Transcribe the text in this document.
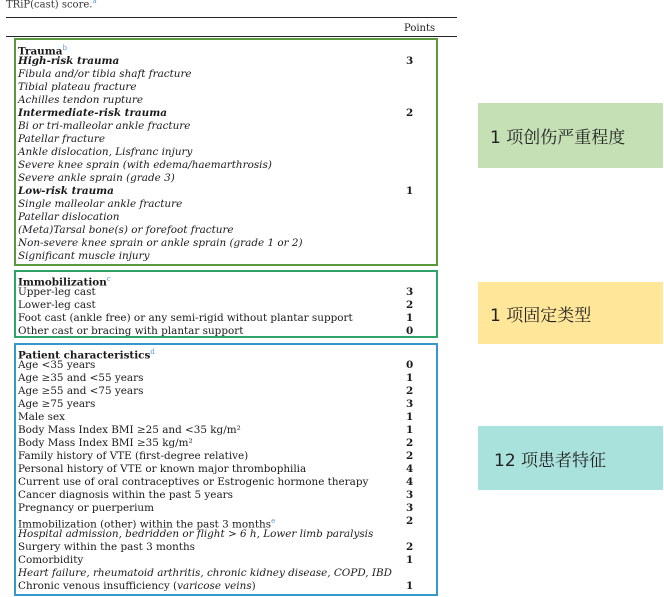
TRiP(cast) score.$^a$
Points
Trauma$^b$
High-risk trauma	3
Fibula and/or tibia shaft fracture
Tibial plateau fracture
Achilles tendon rupture
Intermediate-risk trauma	2
Bi or tri-malleolar ankle fracture
Patellar fracture
Ankle dislocation, Lisfranc injury
Severe knee sprain (with edema/haemarthrosis)
Severe ankle sprain (grade 3)
Low-risk trauma	1
Single malleolar ankle fracture
Patellar dislocation
(Meta)Tarsal bone(s) or forefoot fracture
Non-severe knee sprain or ankle sprain (grade 1 or 2)
Significant muscle injury
Immobilization$^c$
Upper-leg cast	3
Lower-leg cast	2
Foot cast (ankle free) or any semi-rigid without plantar support	1
Other cast or bracing with plantar support	0
Patient characteristics$^d$
Age <35 years	0
Age ≥35 and <55 years	1
Age ≥55 and <75 years	2
Age ≥75 years	3
Male sex	1
Body Mass Index BMI ≥25 and <35 kg/m²	1
Body Mass Index BMI ≥35 kg/m²	2
Family history of VTE (first-degree relative)	2
Personal history of VTE or known major thrombophilia	4
Current use of oral contraceptives or Estrogenic hormone therapy	4
Cancer diagnosis within the past 5 years	3
Pregnancy or puerperium	3
Immobilization (other) within the past 3 months$^e$	2
Hospital admission, bedridden or flight > 6 h, Lower limb paralysis
Surgery within the past 3 months	2
Comorbidity	1
Heart failure, rheumatoid arthritis, chronic kidney disease, COPD, IBD
Chronic venous insufficiency (varicose veins)	1
1 项创伤严重程度
1 项固定类型
12 项患者特征
